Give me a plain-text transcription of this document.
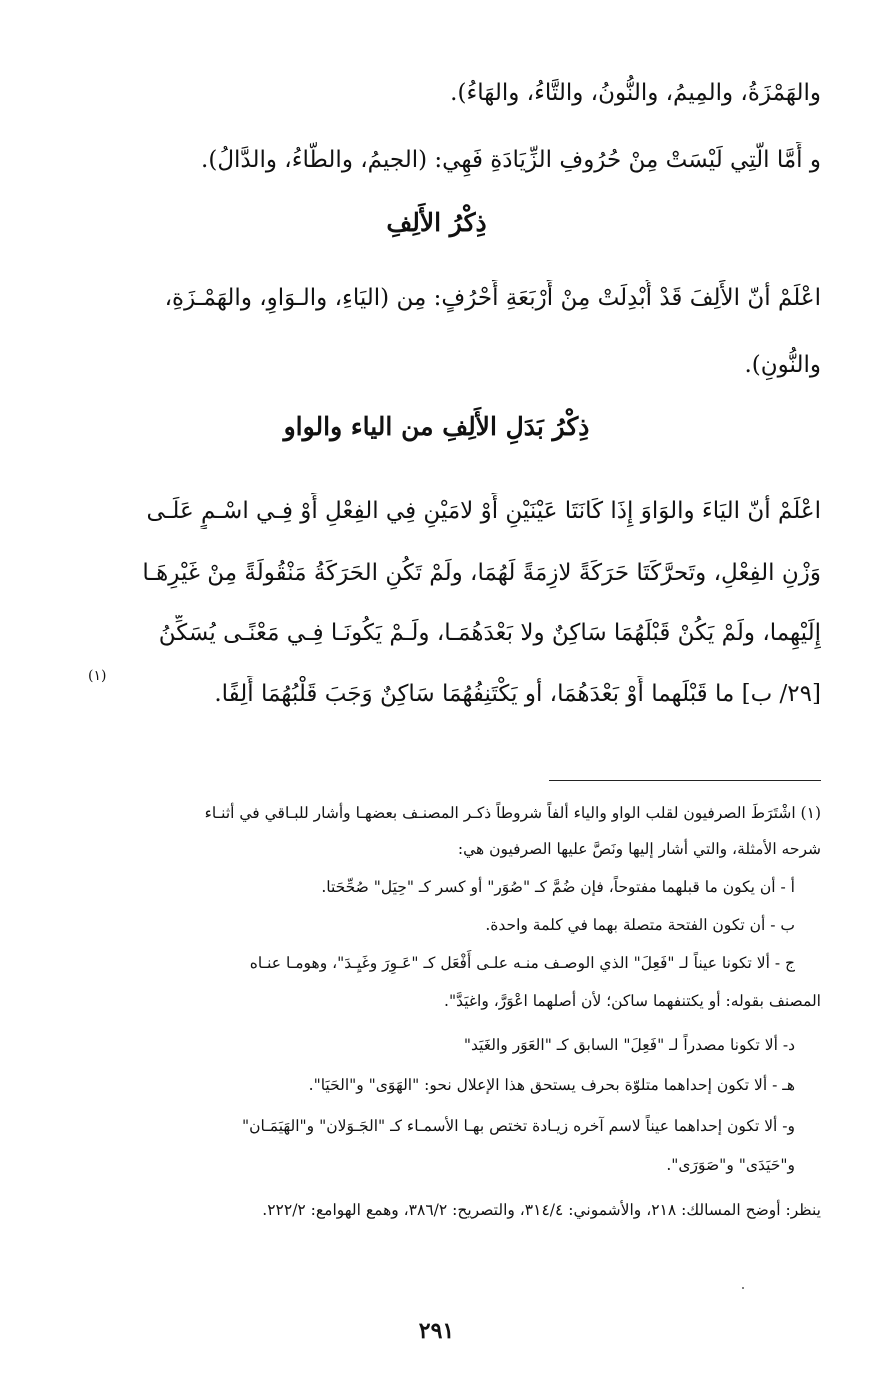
والهَمْزَةُ، والمِيمُ، والنُّونُ، والتَّاءُ، والهَاءُ).
و أَمَّا الَّتِي لَيْسَتْ مِنْ حُرُوفِ الزِّيَادَةِ فَهِي: (الجيمُ، والطَّاءُ، والدَّالُ).
ذِكْرُ الأَلِفِ
اعْلَمْ أنّ الأَلِفَ قَدْ أُبْدِلَتْ مِنْ أَرْبَعَةِ أَحْرُفٍ: مِن (اليَاءِ، والـوَاوِ، والهَمْـزَةِ،
والنُّونِ).
ذِكْرُ بَدَلِ الأَلِفِ من الياء والواو
اعْلَمْ أنّ اليَاءَ والوَاوَ إِذَا كَانَتَا عَيْنَيْنِ أَوْ لامَيْنِ فِي الفِعْلِ أَوْ فِـي اسْـمٍ عَلَـى
وَزْنِ الفِعْلِ، وتَحرَّكَتَا حَرَكَةً لازِمَةً لَهُمَا، ولَمْ تَكُنِ الحَرَكَةُ مَنْقُولَةً مِنْ غَيْرِهَـا
إِلَيْهِما، ولَمْ يَكُنْ قَبْلَهُمَا سَاكِنٌ ولا بَعْدَهُمَـا، ولَـمْ يَكُونَـا فِـي مَعْنًـى يُسَكِّنُ
[٢٩/ ب] ما قَبْلَهما أَوْ بَعْدَهُمَا، أو يَكْتَنِفُهُمَا سَاكِنٌ وَجَبَ قَلْبُهُمَا أَلِفًا.
(١)
(١) اشْتَرَطَ الصرفيون لقلب الواو والياء ألفاً شروطاً ذكـر المصنـف بعضهـا وأشار للبـاقي في أثنـاء
شرحه الأمثلة، والتي أشار إليها ونَصَّ عليها الصرفيون هي:
أ - أن يكون ما قبلهما مفتوحاً، فإن ضُمَّ كـ "صُوَر" أو كسر كـ "حِيَل" صُحِّحَتا.
ب - أن تكون الفتحة متصلة بهما في كلمة واحدة.
ج - ألا تكونا عيناً لـ "فَعِلَ" الذي الوصـف منـه علـى أَفْعَل كـ "عَـوِرَ وغَيِـدَ"، وهومـا عنـاه
المصنف بقوله: أو يكتنفهما ساكن؛ لأن أصلهما اعْوَرَّ، واغيَدَّ".
د- ألا تكونا مصدراً لـ "فَعِلَ" السابق كـ "العَوَر والغَيَد"
هـ - ألا تكون إحداهما متلوّة بحرف يستحق هذا الإعلال نحو: "الهَوَى" و"الحَيَا".
و- ألا تكون إحداهما عيناً لاسم آخره زيـادة تختص بهـا الأسمـاء كـ "الجَـوَلان" و"الهَيَمَـان"
و"حَيَدَى" و"صَوَرَى".
ينظر: أوضح المسالك: ٢١٨، والأشموني: ٣١٤/٤، والتصريح: ٣٨٦/٢، وهمع الهوامع: ٢٢٢/٢.
٢٩١
